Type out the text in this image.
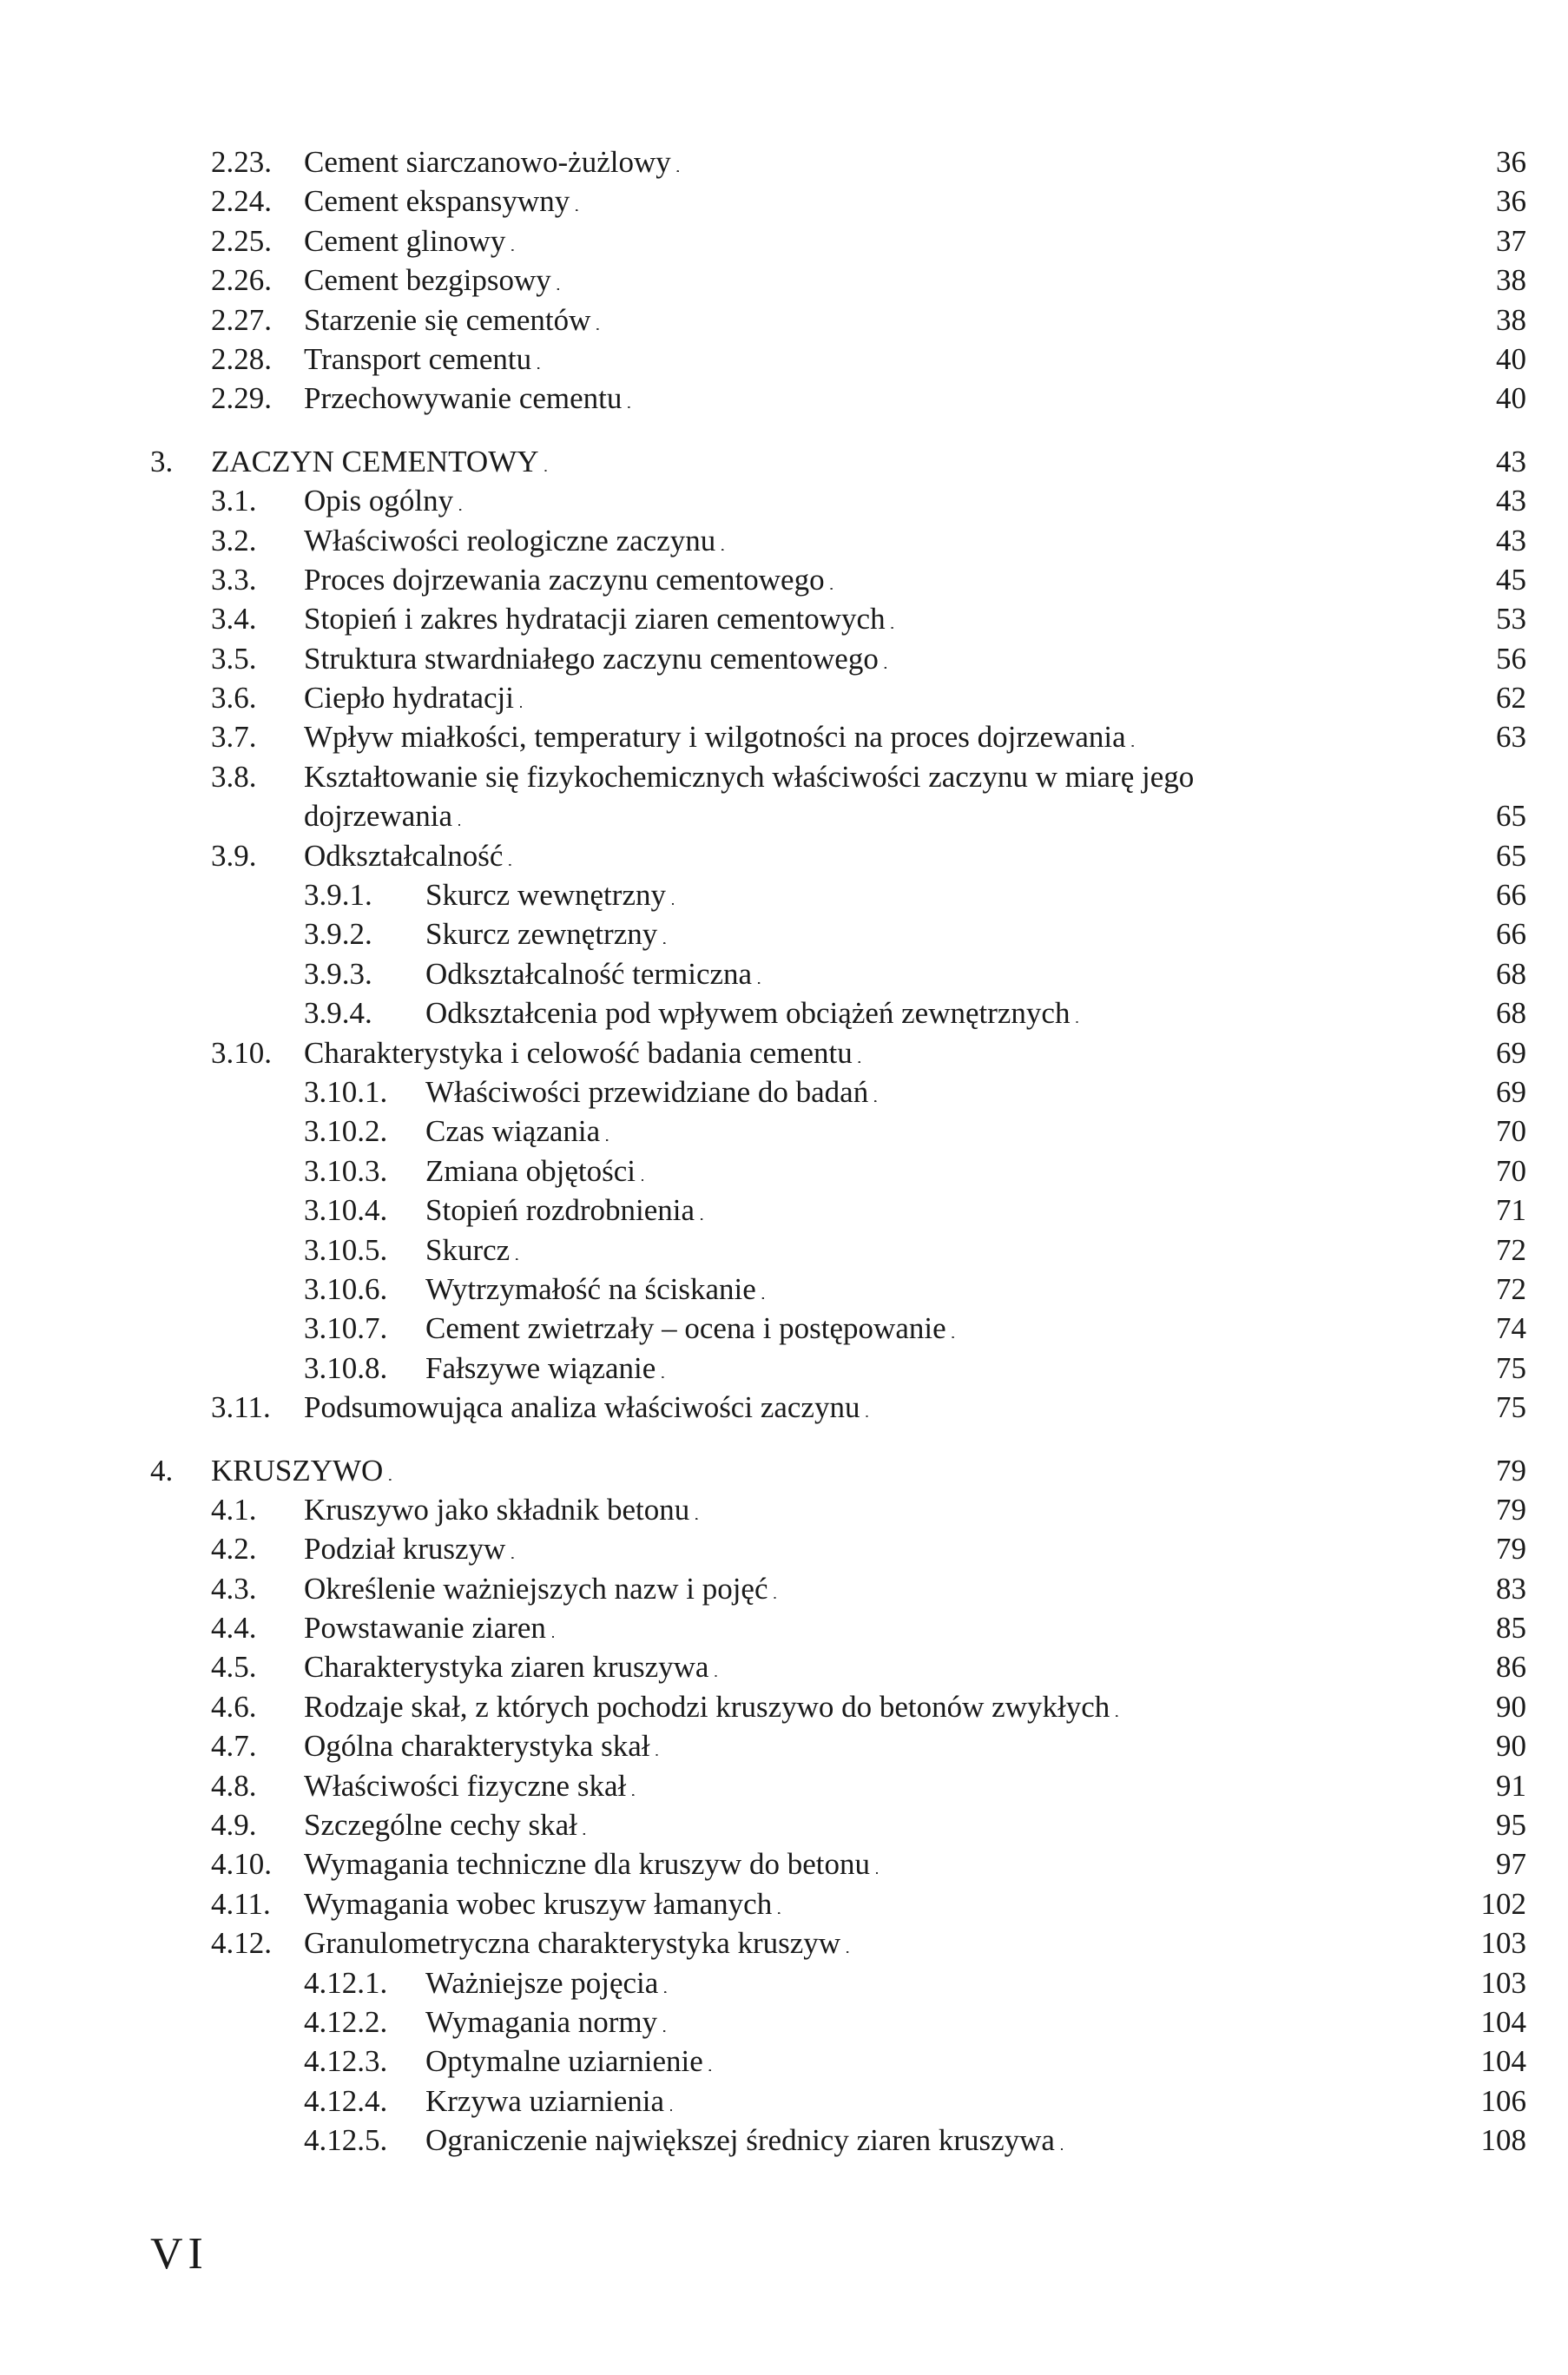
2.23. Cement siarczanowo-żużlowy . . .	36
2.24. Cement ekspansywny . . .	36
2.25. Cement glinowy . . .	37
2.26. Cement bezgipsowy . . .	38
2.27. Starzenie się cementów . . .	38
2.28. Transport cementu . . .	40
2.29. Przechowywanie cementu . . .	40
3. ZACZYN CEMENTOWY . . .	43
3.1. Opis ogólny . . .	43
3.2. Właściwości reologiczne zaczynu . . .	43
3.3. Proces dojrzewania zaczynu cementowego . . .	45
3.4. Stopień i zakres hydratacji ziaren cementowych . . .	53
3.5. Struktura stwardniałego zaczynu cementowego . . .	56
3.6. Ciepło hydratacji . . .	62
3.7. Wpływ miałkości, temperatury i wilgotności na proces dojrzewania . . .	63
3.8. Kształtowanie się fizykochemicznych właściwości zaczynu w miarę jego
dojrzewania . . .	65
3.9. Odkształcalność . . .	65
3.9.1. Skurcz wewnętrzny . . .	66
3.9.2. Skurcz zewnętrzny . . .	66
3.9.3. Odkształcalność termiczna . . .	68
3.9.4. Odkształcenia pod wpływem obciążeń zewnętrznych . . .	68
3.10. Charakterystyka i celowość badania cementu . . .	69
3.10.1. Właściwości przewidziane do badań . . .	69
3.10.2. Czas wiązania . . .	70
3.10.3. Zmiana objętości . . .	70
3.10.4. Stopień rozdrobnienia . . .	71
3.10.5. Skurcz . . .	72
3.10.6. Wytrzymałość na ściskanie . . .	72
3.10.7. Cement zwietrzały – ocena i postępowanie . . .	74
3.10.8. Fałszywe wiązanie . . .	75
3.11. Podsumowująca analiza właściwości zaczynu . . .	75
4. KRUSZYWO . . .	79
4.1. Kruszywo jako składnik betonu . . .	79
4.2. Podział kruszyw . . .	79
4.3. Określenie ważniejszych nazw i pojęć . . .	83
4.4. Powstawanie ziaren . . .	85
4.5. Charakterystyka ziaren kruszywa . . .	86
4.6. Rodzaje skał, z których pochodzi kruszywo do betonów zwykłych . . .	90
4.7. Ogólna charakterystyka skał . . .	90
4.8. Właściwości fizyczne skał . . .	91
4.9. Szczególne cechy skał . . .	95
4.10. Wymagania techniczne dla kruszyw do betonu . . .	97
4.11. Wymagania wobec kruszyw łamanych . . .	102
4.12. Granulometryczna charakterystyka kruszyw . . .	103
4.12.1. Ważniejsze pojęcia . . .	103
4.12.2. Wymagania normy . . .	104
4.12.3. Optymalne uziarnienie . . .	104
4.12.4. Krzywa uziarnienia . . .	106
4.12.5. Ograniczenie największej średnicy ziaren kruszywa . . .	108
VI
